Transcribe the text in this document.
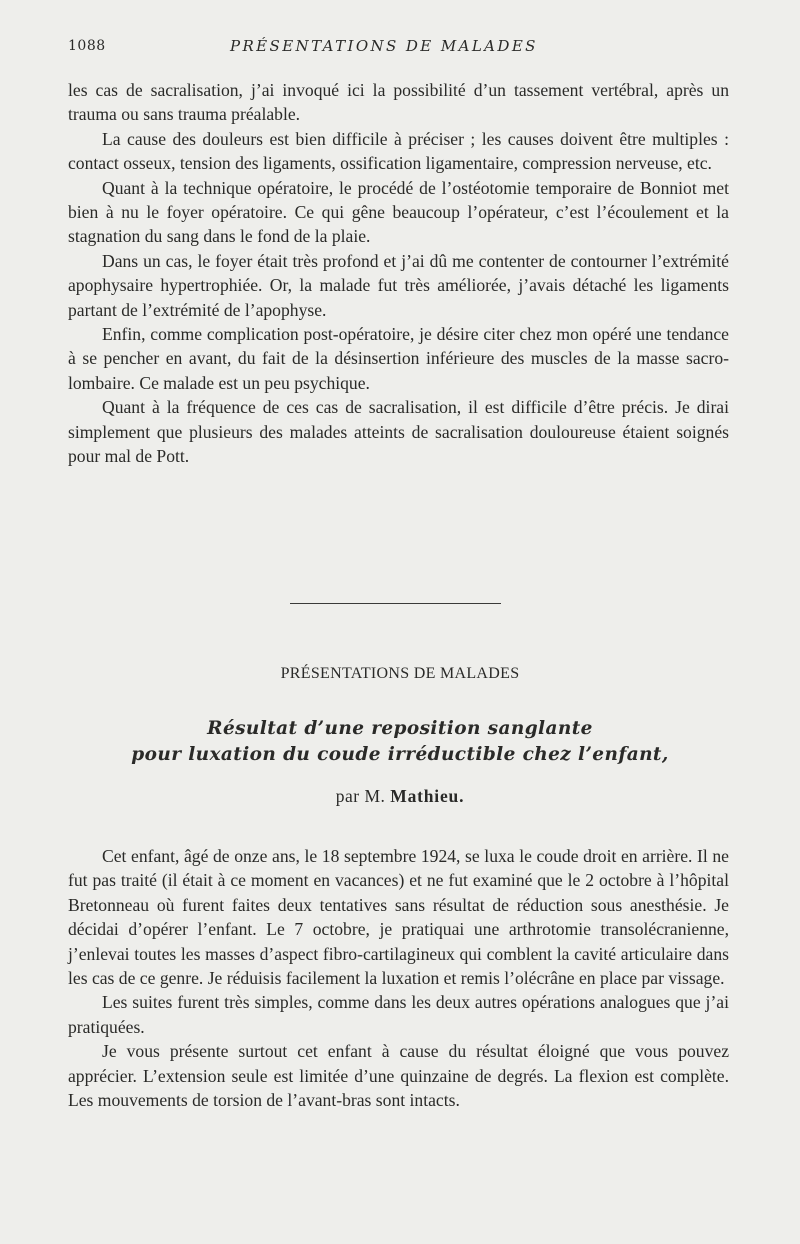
1088	PRÉSENTATIONS DE MALADES

les cas de sacralisation, j’ai invoqué ici la possibilité d’un tassement vertébral, après un trauma ou sans trauma préalable.

La cause des douleurs est bien difficile à préciser ; les causes doivent être multiples : contact osseux, tension des ligaments, ossification ligamentaire, compression nerveuse, etc.

Quant à la technique opératoire, le procédé de l’ostéotomie temporaire de Bonniot met bien à nu le foyer opératoire. Ce qui gêne beaucoup l’opérateur, c’est l’écoulement et la stagnation du sang dans le fond de la plaie.

Dans un cas, le foyer était très profond et j’ai dû me contenter de contourner l’extrémité apophysaire hypertrophiée. Or, la malade fut très améliorée, j’avais détaché les ligaments partant de l’extrémité de l’apophyse.

Enfin, comme complication post-opératoire, je désire citer chez mon opéré une tendance à se pencher en avant, du fait de la désinsertion inférieure des muscles de la masse sacro-lombaire. Ce malade est un peu psychique.

Quant à la fréquence de ces cas de sacralisation, il est difficile d’être précis. Je dirai simplement que plusieurs des malades atteints de sacralisation douloureuse étaient soignés pour mal de Pott.

PRÉSENTATIONS DE MALADES
Résultat d’une reposition sanglante
pour luxation du coude irréductible chez l’enfant,
par M. Mathieu.

Cet enfant, âgé de onze ans, le 18 septembre 1924, se luxa le coude droit en arrière. Il ne fut pas traité (il était à ce moment en vacances) et ne fut examiné que le 2 octobre à l’hôpital Bretonneau où furent faites deux tentatives sans résultat de réduction sous anesthésie. Je décidai d’opérer l’enfant. Le 7 octobre, je pratiquai une arthrotomie transolécranienne, j’enlevai toutes les masses d’aspect fibro-cartilagineux qui comblent la cavité articulaire dans les cas de ce genre. Je réduisis facilement la luxation et remis l’olécrâne en place par vissage.

Les suites furent très simples, comme dans les deux autres opérations analogues que j’ai pratiquées.

Je vous présente surtout cet enfant à cause du résultat éloigné que vous pouvez apprécier. L’extension seule est limitée d’une quinzaine de degrés. La flexion est complète. Les mouvements de torsion de l’avant-bras sont intacts.
